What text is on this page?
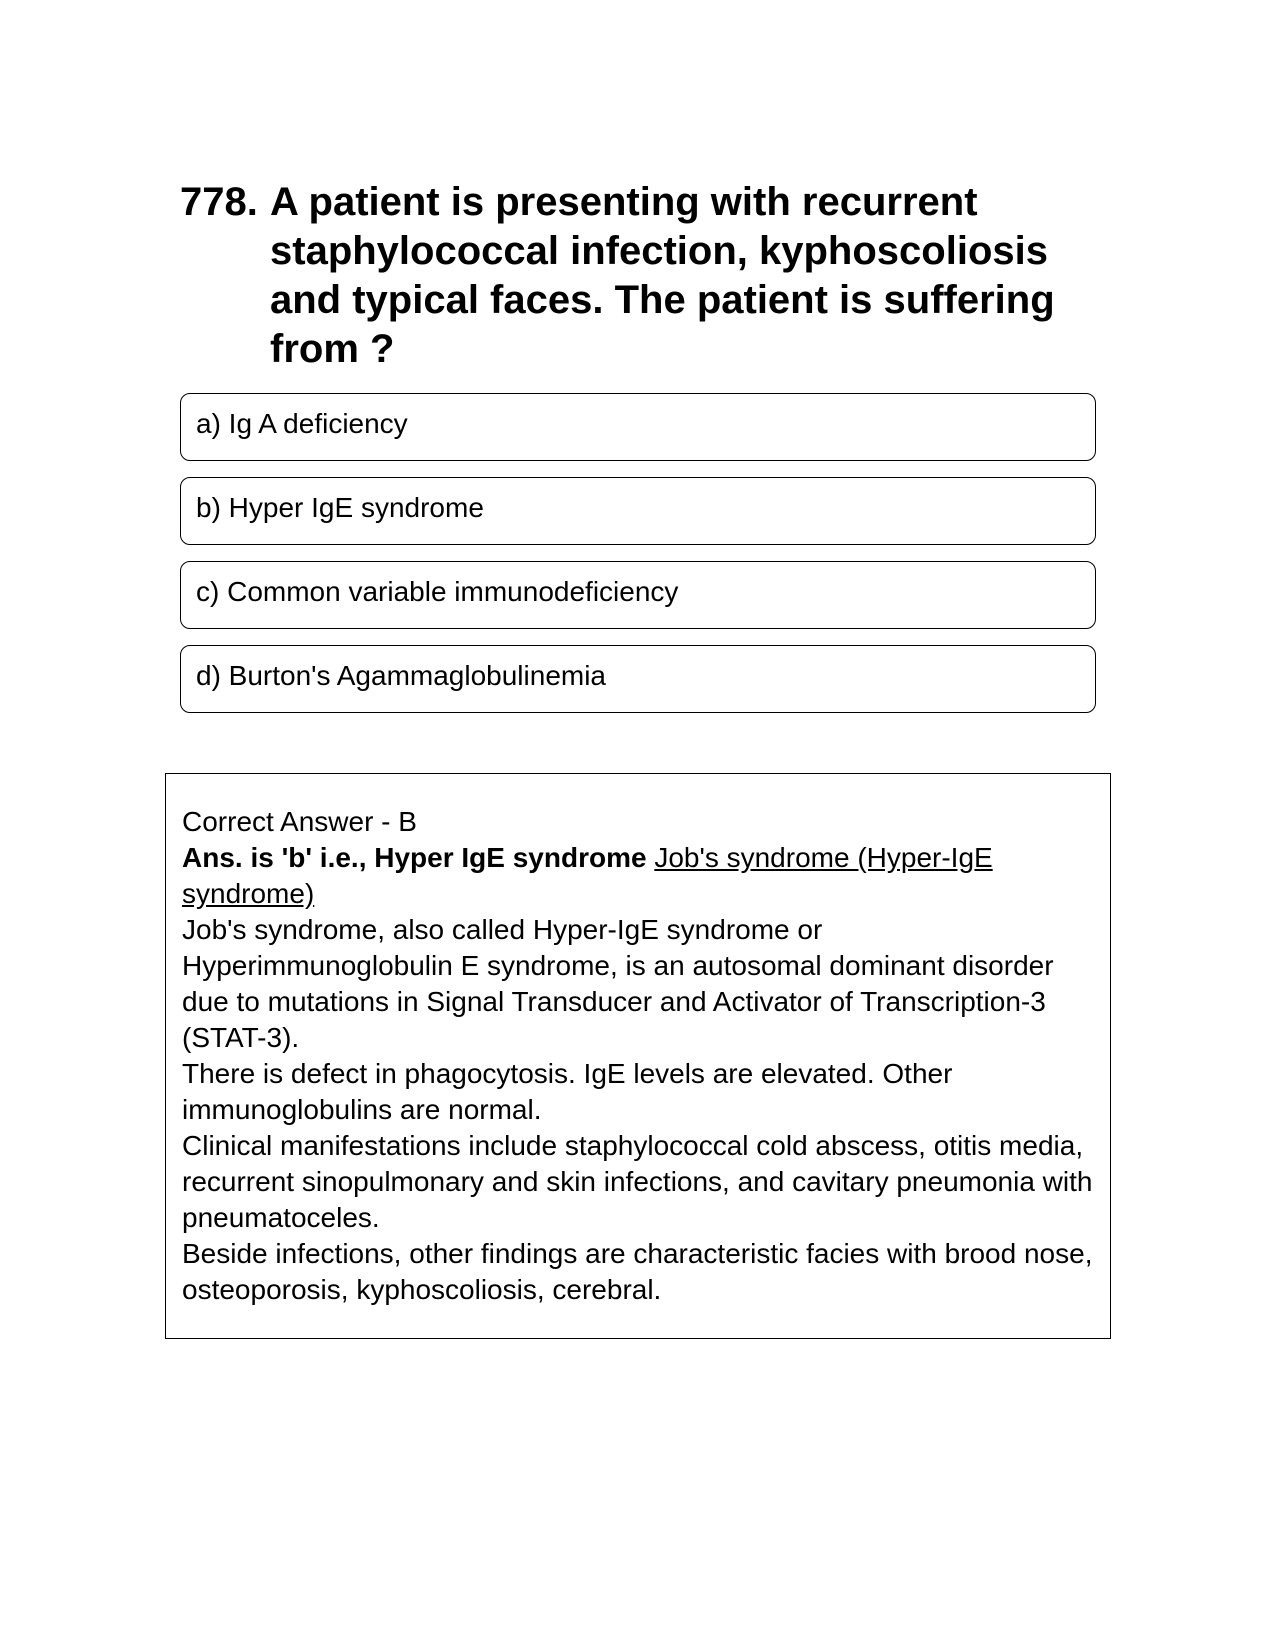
778. A patient is presenting with recurrent staphylococcal infection, kyphoscoliosis and typical faces. The patient is suffering from ?
a) Ig A deficiency
b) Hyper IgE syndrome
c) Common variable immunodeficiency
d) Burton's Agammaglobulinemia

Correct Answer - B

Ans. is 'b' i.e., Hyper IgE syndrome Job's syndrome (Hyper-IgE syndrome)

Job's syndrome, also called Hyper-IgE syndrome or Hyperimmunoglobulin E syndrome, is an autosomal dominant disorder due to mutations in Signal Transducer and Activator of Transcription-3 (STAT-3).

There is defect in phagocytosis. IgE levels are elevated. Other immunoglobulins are normal.

Clinical manifestations include staphylococcal cold abscess, otitis media, recurrent sinopulmonary and skin infections, and cavitary pneumonia with pneumatoceles.

Beside infections, other findings are characteristic facies with brood nose, osteoporosis, kyphoscoliosis, cerebral.
